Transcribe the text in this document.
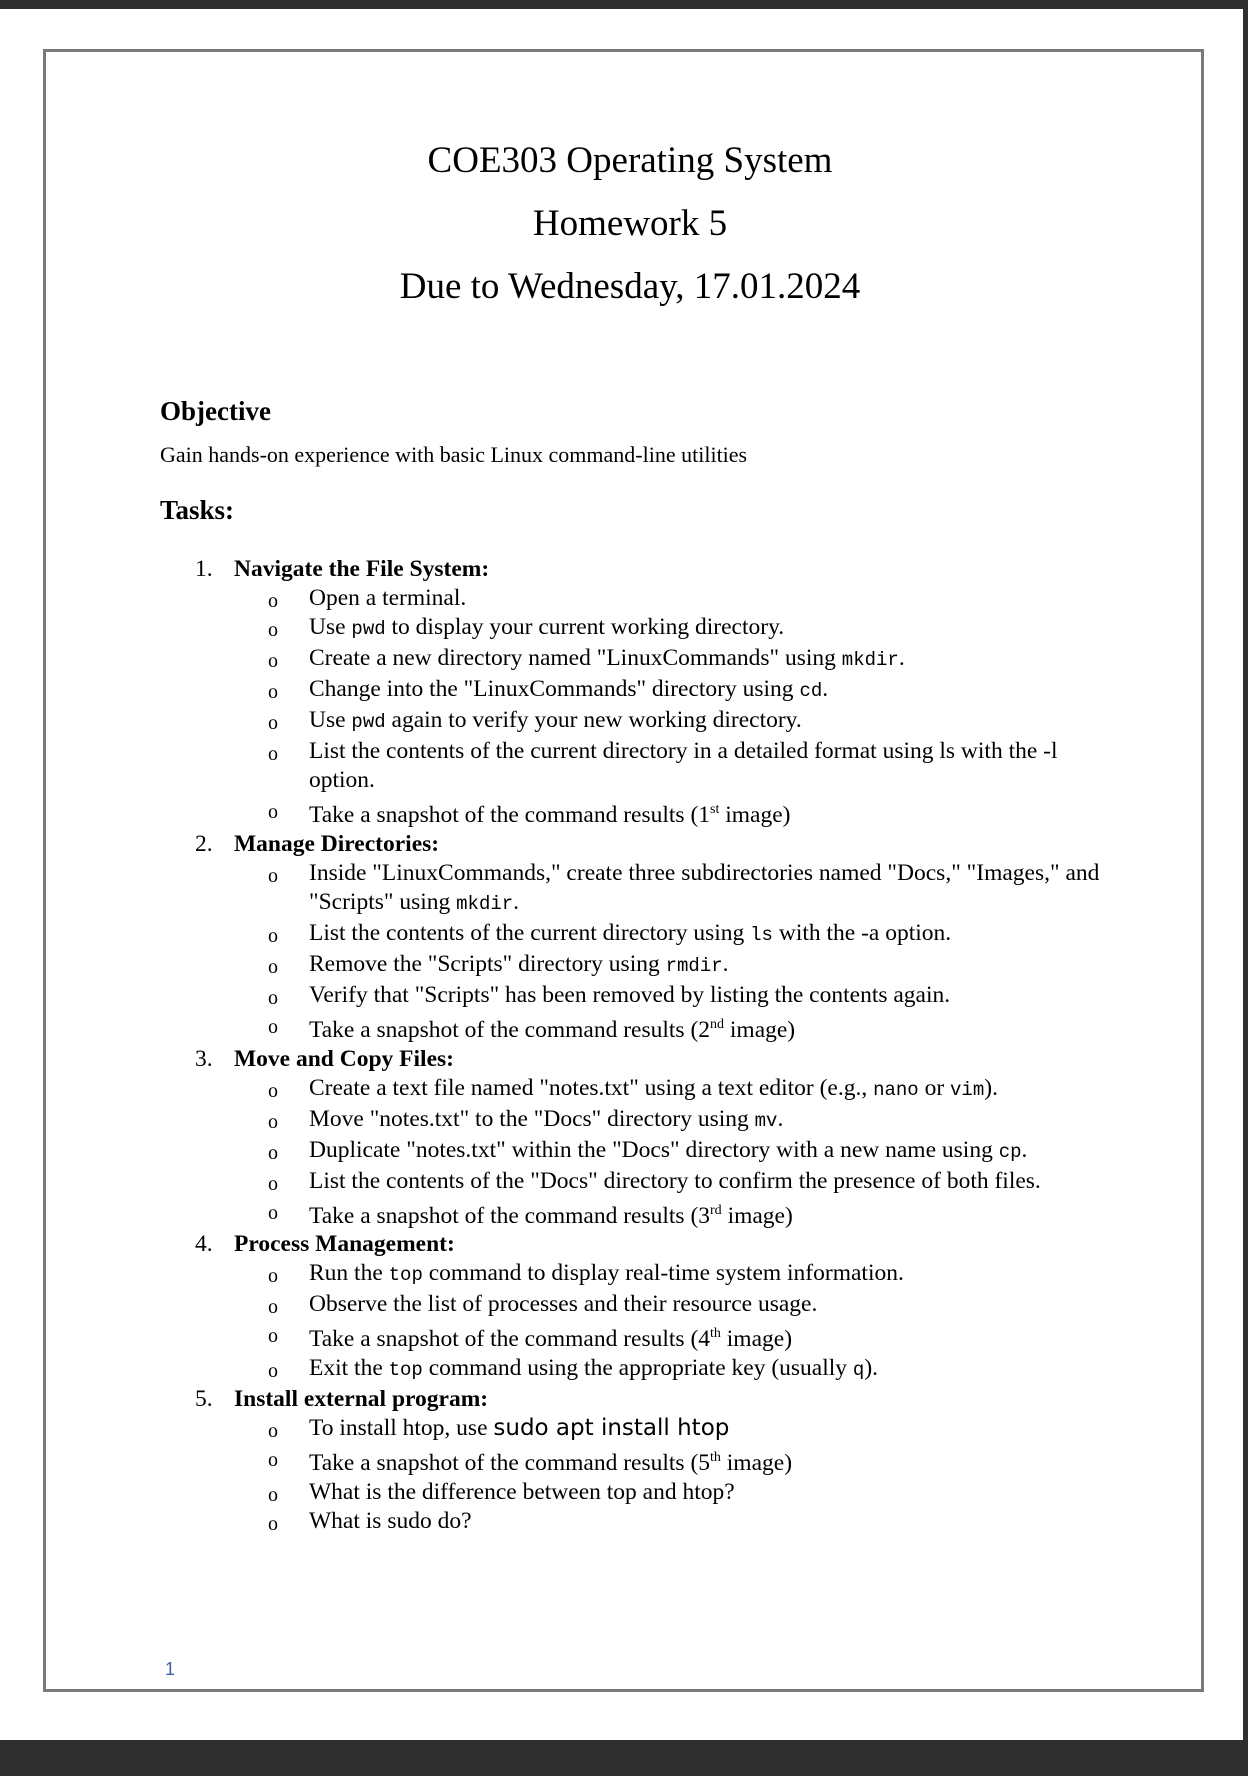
COE303 Operating System
Homework 5
Due to Wednesday, 17.01.2024
Objective
Gain hands-on experience with basic Linux command-line utilities
Tasks:
1. Navigate the File System:
o Open a terminal.
o Use pwd to display your current working directory.
o Create a new directory named "LinuxCommands" using mkdir.
o Change into the "LinuxCommands" directory using cd.
o Use pwd again to verify your new working directory.
o List the contents of the current directory in a detailed format using ls with the -l option.
o Take a snapshot of the command results (1st image)
2. Manage Directories:
o Inside "LinuxCommands," create three subdirectories named "Docs," "Images," and "Scripts" using mkdir.
o List the contents of the current directory using ls with the -a option.
o Remove the "Scripts" directory using rmdir.
o Verify that "Scripts" has been removed by listing the contents again.
o Take a snapshot of the command results (2nd image)
3. Move and Copy Files:
o Create a text file named "notes.txt" using a text editor (e.g., nano or vim).
o Move "notes.txt" to the "Docs" directory using mv.
o Duplicate "notes.txt" within the "Docs" directory with a new name using cp.
o List the contents of the "Docs" directory to confirm the presence of both files.
o Take a snapshot of the command results (3rd image)
4. Process Management:
o Run the top command to display real-time system information.
o Observe the list of processes and their resource usage.
o Take a snapshot of the command results (4th image)
o Exit the top command using the appropriate key (usually q).
5. Install external program:
o To install htop, use sudo apt install htop
o Take a snapshot of the command results (5th image)
o What is the difference between top and htop?
o What is sudo do?
1
